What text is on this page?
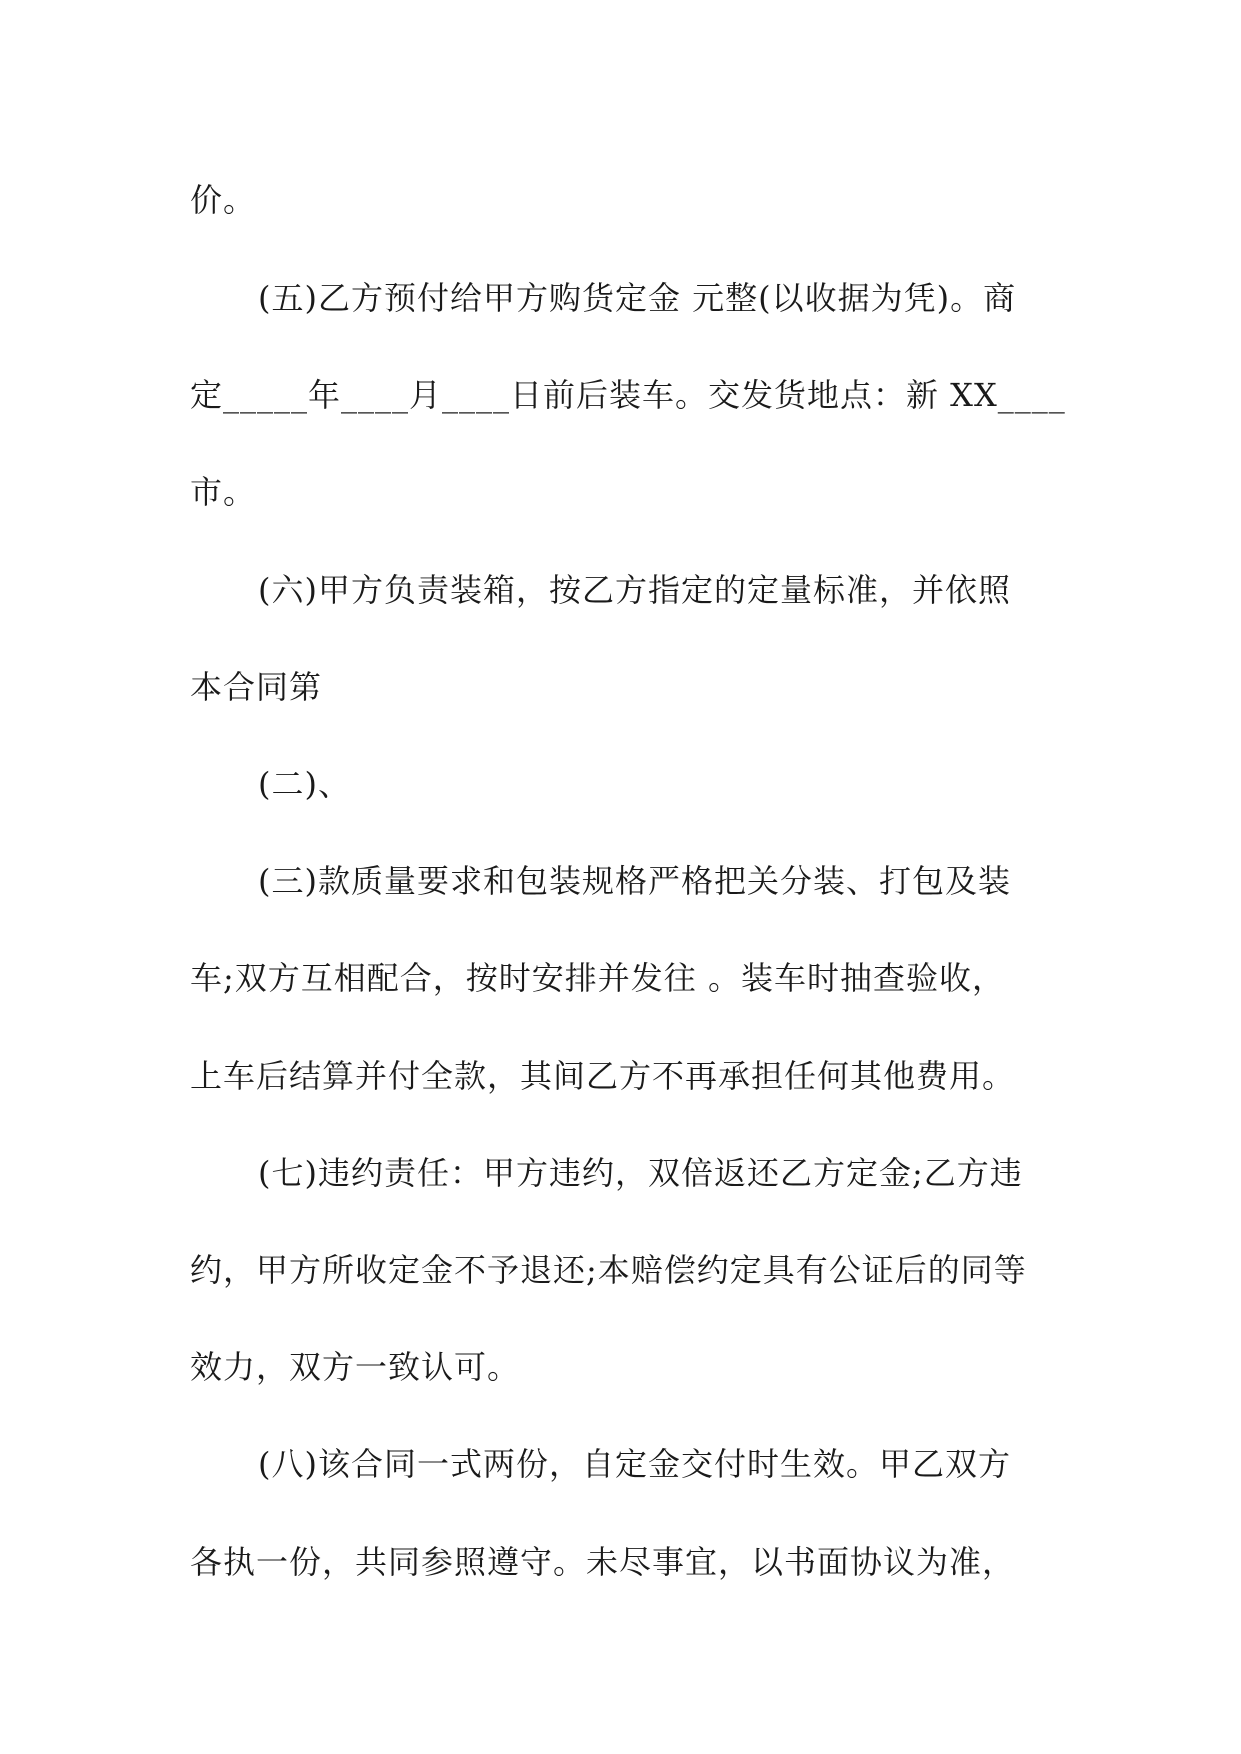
价。
(五)乙方预付给甲方购货定金 元整(以收据为凭)。商
定_____年____月____日前后装车。交发货地点：新 XX____
市。
(六)甲方负责装箱，按乙方指定的定量标准，并依照
本合同第
(二)、
(三)款质量要求和包装规格严格把关分装、打包及装
车;双方互相配合，按时安排并发往 。装车时抽查验收，
上车后结算并付全款，其间乙方不再承担任何其他费用。
(七)违约责任：甲方违约，双倍返还乙方定金;乙方违
约，甲方所收定金不予退还;本赔偿约定具有公证后的同等
效力，双方一致认可。
(八)该合同一式两份，自定金交付时生效。甲乙双方
各执一份，共同参照遵守。未尽事宜，以书面协议为准，
